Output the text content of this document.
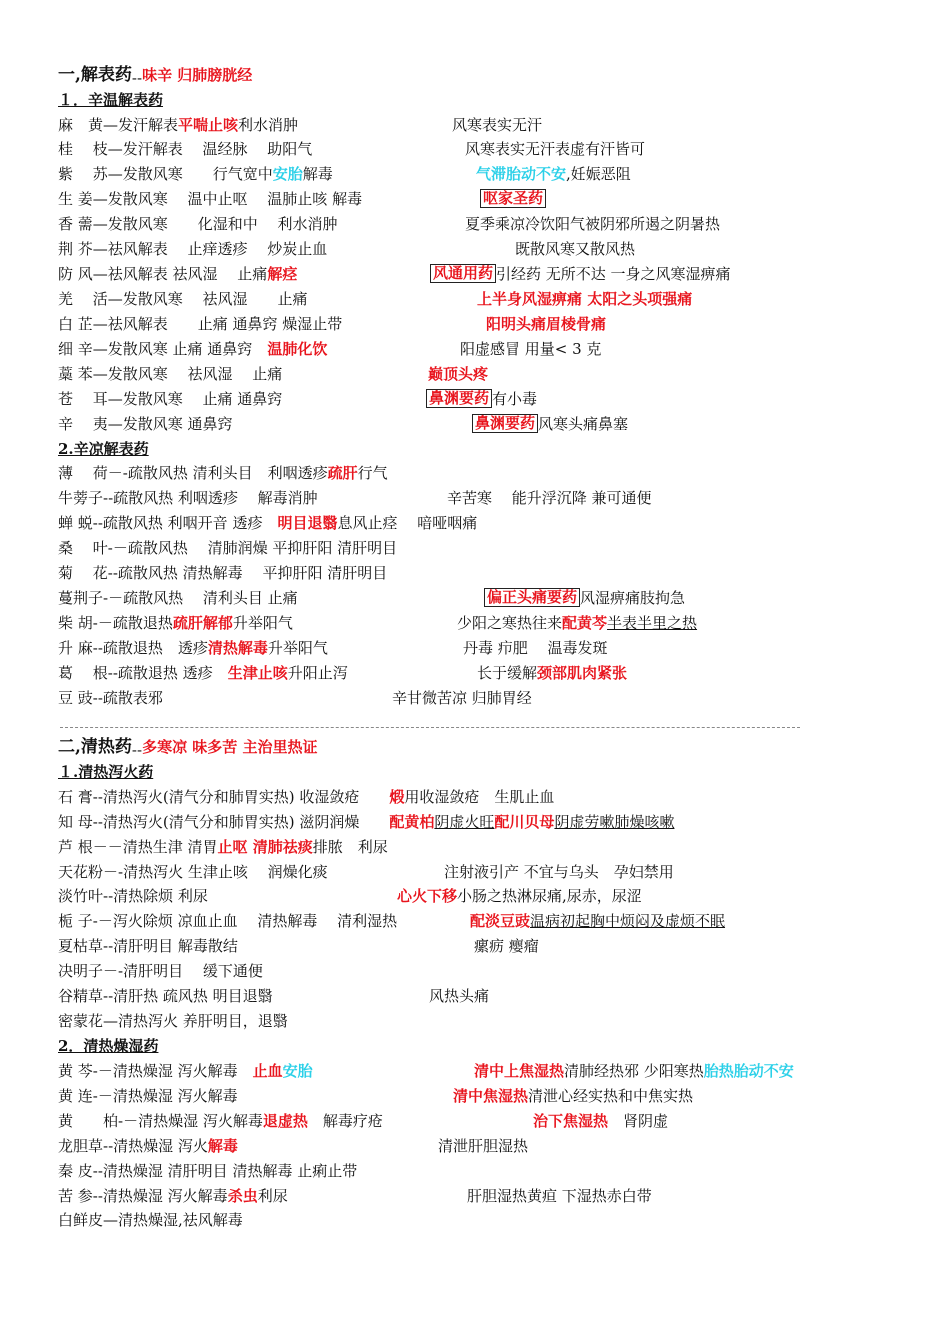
一,解表药 -- 味辛 归肺膀胱经
１．辛温解表药
麻　黄—发汗解表 平喘止咳 利水消肿	风寒表实无汗
桂　 枝—发汗解表　 温经脉　 助阳气	风寒表实无汗表虚有汗皆可
紫　 苏—发散风寒　　行气宽中 安胎 解毒	气滞胎动不安 ,妊娠恶阻
生 姜—发散风寒　 温中止呕　 温肺止咳 解毒	呕家圣药
香 薷—发散风寒　　化湿和中　 利水消肿	夏季乘凉冷饮阳气被阴邪所遏之阴暑热
荆 芥—祛风解表　 止痒透疹　 炒炭止血	既散风寒又散风热
防 风—祛风解表 祛风湿　 止痛 解痉	风通用药 引经药 无所不达 一身之风寒湿痹痛
羌　 活—发散风寒　 祛风湿　　止痛	上半身风湿痹痛 太阳之头项强痛
白 芷—祛风解表　　止痛 通鼻窍 燥湿止带	阳明头痛眉棱骨痛
细 辛—发散风寒 止痛 通鼻窍　 温肺化饮	阳虚感冒 用量< 3 克
藁 苯—发散风寒　 祛风湿　 止痛	巅顶头疼
苍　 耳—发散风寒　 止痛 通鼻窍	鼻渊要药 有小毒
辛　 夷—发散风寒 通鼻窍	鼻渊要药 风寒头痛鼻塞
2.辛凉解表药
薄　 荷－-疏散风热 清利头目　利咽透疹 疏肝 行气
牛蒡子--疏散风热 利咽透疹　 解毒消肿	辛苦寒　 能升浮沉降 兼可通便
蝉 蜕--疏散风热 利咽开音 透疹　 明目退翳 息风止痉　 喑哑咽痛
桑　 叶-－疏散风热　 清肺润燥 平抑肝阳 清肝明目
菊　 花--疏散风热 清热解毒　 平抑肝阳 清肝明目
蔓荆子-－疏散风热　 清利头目 止痛	偏正头痛要药 风湿痹痛肢拘急
柴 胡-－疏散退热 疏肝解郁 升举阳气	少阳之寒热往来 配黄芩 半表半里之热
升 麻--疏散退热　透疹 清热解毒 升举阳气	丹毒 疖肥　 温毒发斑
葛　 根--疏散退热 透疹　 生津止咳 升阳止泻	长于缓解 颈部肌肉紧张
豆 豉--疏散表邪	辛甘微苦凉 归肺胃经
二,清热药 -- 多寒凉 味多苦 主治里热证
１.清热泻火药
石 膏--清热泻火(清气分和肺胃实热) 收湿敛疮　　 煅 用收湿敛疮　生肌止血
知 母--清热泻火(清气分和肺胃实热) 滋阴润燥　　 配黄柏 阴虚火旺 配川贝母 阴虚劳嗽肺燥咳嗽
芦 根－－清热生津 清胃 止呕 清肺祛痰 排脓　利尿
天花粉－-清热泻火 生津止咳　 润燥化痰	注射液引产 不宜与乌头　孕妇禁用
淡竹叶--清热除烦 利尿	心火下移 小肠之热淋尿痛,尿赤，尿涩
栀 子-－泻火除烦 凉血止血　 清热解毒　 清利湿热	配淡豆豉 温病初起胸中烦闷及虚烦不眠
夏枯草--清肝明目 解毒散结	瘰疬 瘿瘤
决明子－-清肝明目　 缓下通便
谷精草--清肝热 疏风热 明目退翳	风热头痛
密蒙花—清热泻火 养肝明目，退翳
2．清热燥湿药
黄 芩-－清热燥湿 泻火解毒　 止血 安胎	清中上焦湿热 清肺经热邪 少阳寒热 胎热胎动不安
黄 连-－清热燥湿 泻火解毒	清中焦湿热 清泄心经实热和中焦实热
黄　　柏-－清热燥湿 泻火解毒 退虚热 　解毒疗疮	治下焦湿热 　肾阴虚
龙胆草--清热燥湿 泻火 解毒	清泄肝胆湿热
秦 皮--清热燥湿 清肝明目 清热解毒 止痢止带
苦 参--清热燥湿 泻火解毒 杀虫 利尿	肝胆湿热黄疸 下湿热赤白带
白鲜皮—清热燥湿,祛风解毒
